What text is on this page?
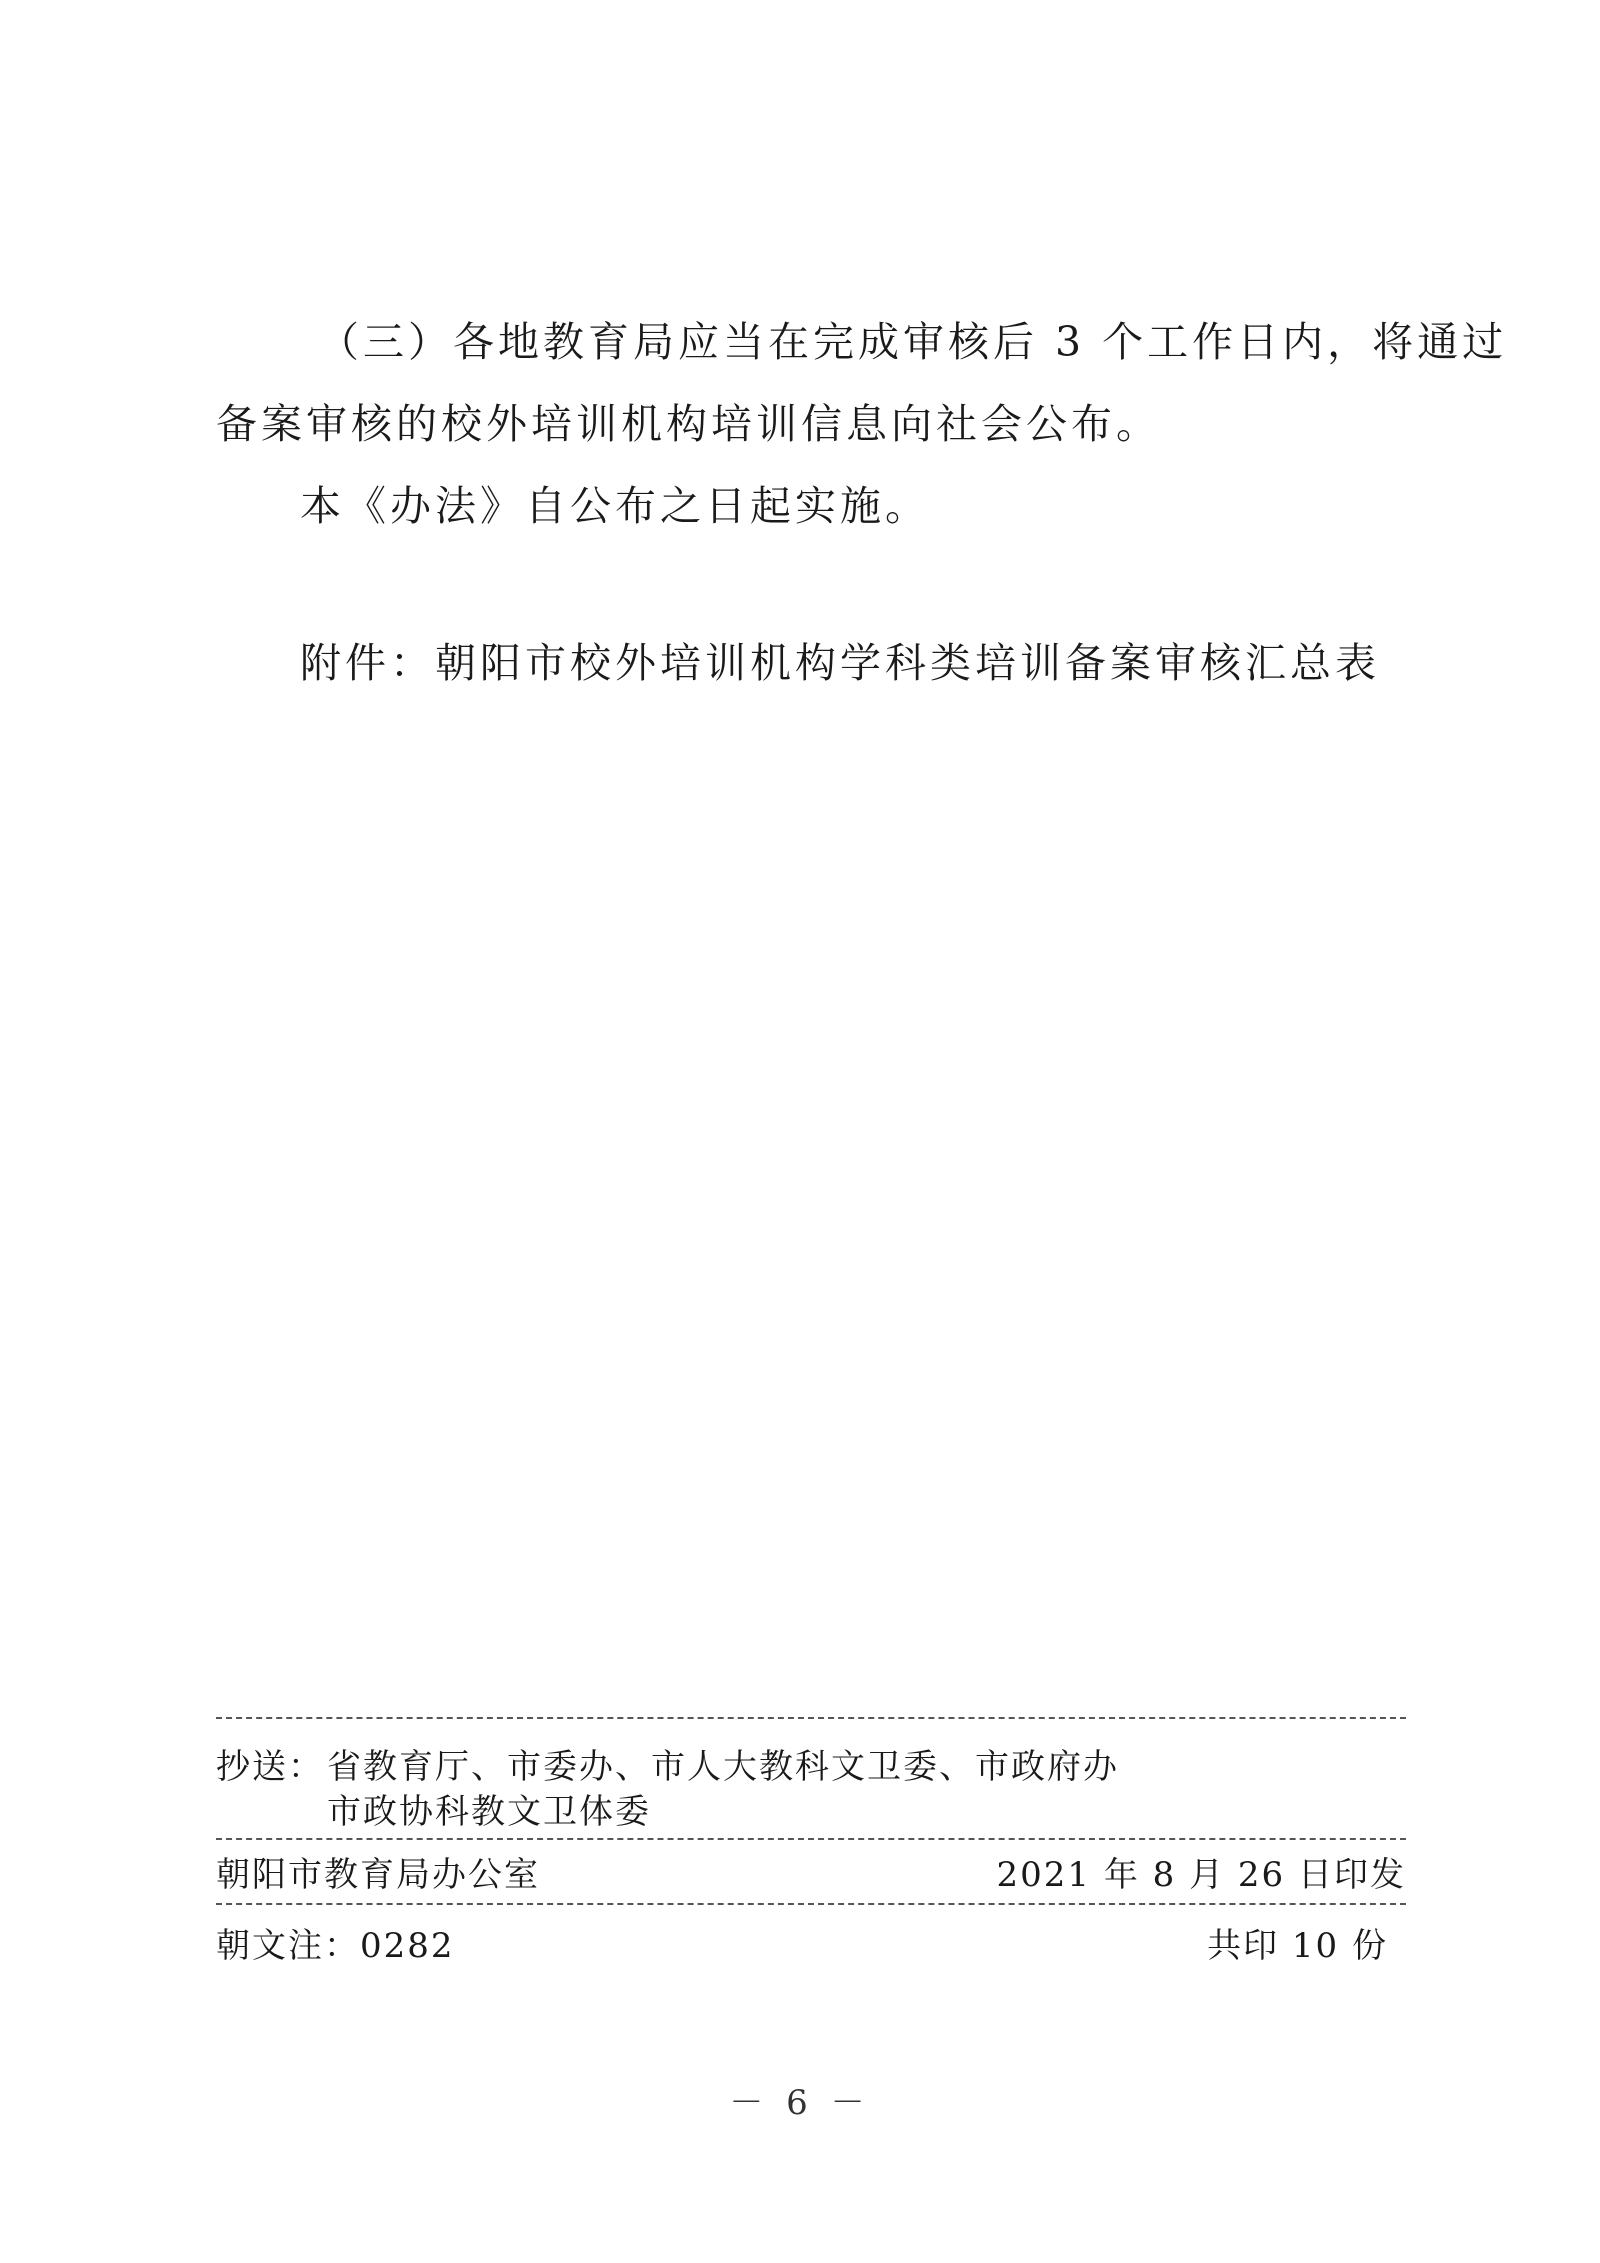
（三）各地教育局应当在完成审核后 3 个工作日内，将通过
备案审核的校外培训机构培训信息向社会公布。
本《办法》自公布之日起实施。
附件：朝阳市校外培训机构学科类培训备案审核汇总表
抄送： 省教育厅、市委办、市人大教科文卫委、市政府办
市政协科教文卫体委
朝阳市教育局办公室	2021 年 8 月 26 日印发
朝文注：0282	共印 10 份
－ 6 －
